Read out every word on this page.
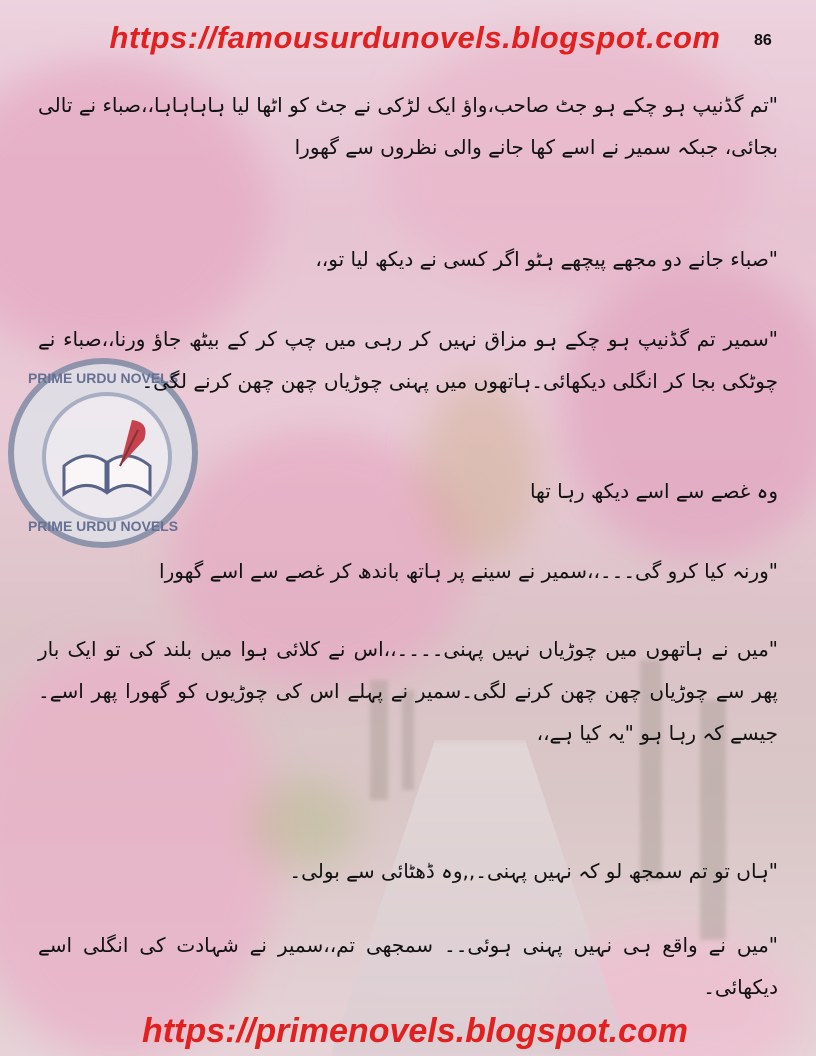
PRIME URDU NOVELS
PRIME URDU NOVELS
https://famousurdunovels.blogspot.com	86

"تم گڈنیپ ہو چکے ہو جٹ صاحب،واؤ ایک لڑکی نے جٹ کو اٹھا لیا ہاہاہاہا،،صباء نے تالی بجائی، جبکہ سمیر نے اسے کھا جانے والی نظروں سے گھورا

"صباء جانے دو مجھے پیچھے ہٹو اگر کسی نے دیکھ لیا تو،،

"سمیر تم گڈنیپ ہو چکے ہو مزاق نہیں کر رہی میں چپ کر کے بیٹھ جاؤ ورنا،،صباء نے چوٹکی بجا کر انگلی دیکھائی۔ہاتھوں میں پہنی چوڑیاں چھن چھن کرنے لگی۔

وہ غصے سے اسے دیکھ رہا تھا

"ورنہ کیا کرو گی۔۔۔،،سمیر نے سینے پر ہاتھ باندھ کر غصے سے اسے گھورا

"میں نے ہاتھوں میں چوڑیاں نہیں پہنی۔۔۔۔،،اس نے کلائی ہوا میں بلند کی تو ایک بار پھر سے چوڑیاں چھن چھن کرنے لگی۔سمیر نے پہلے اس کی چوڑیوں کو گھورا پھر اسے۔جیسے کہ رہا ہو "یہ کیا ہے،،

"ہاں تو تم سمجھ لو کہ نہیں پہنی۔,,وہ ڈھٹائی سے بولی۔

"میں نے واقع ہی نہیں پہنی ہوئی۔۔ سمجھی تم،،سمیر نے شہادت کی انگلی اسے دیکھائی۔

https://primenovels.blogspot.com
